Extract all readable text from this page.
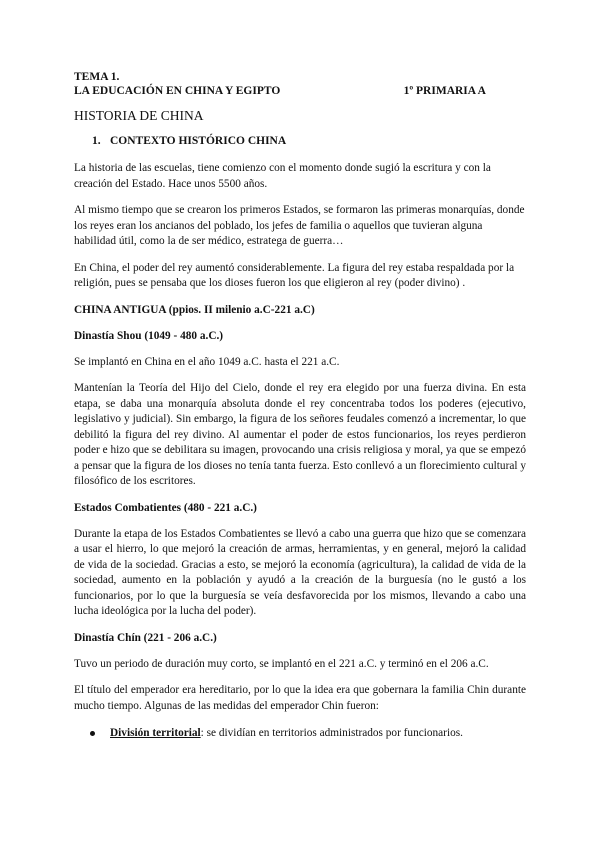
TEMA 1.
LA EDUCACIÓN EN CHINA Y EGIPTO	1º PRIMARIA A
HISTORIA DE CHINA
1. CONTEXTO HISTÓRICO CHINA

La historia de las escuelas, tiene comienzo con el momento donde sugió la escritura y con la creación del Estado. Hace unos 5500 años.

Al mismo tiempo que se crearon los primeros Estados, se formaron las primeras monarquías, donde los reyes eran los ancianos del poblado, los jefes de familia o aquellos que tuvieran alguna habilidad útil, como la de ser médico, estratega de guerra…

En China, el poder del rey aumentó considerablemente. La figura del rey estaba respaldada por la religión, pues se pensaba que los dioses fueron los que eligieron al rey (poder divino) .

CHINA ANTIGUA (ppios. II milenio a.C-221 a.C)
Dinastía Shou (1049 - 480 a.C.)

Se implantó en China en el año 1049 a.C. hasta el 221 a.C.

Mantenían la Teoría del Hijo del Cielo, donde el rey era elegido por una fuerza divina. En esta etapa, se daba una monarquía absoluta donde el rey concentraba todos los poderes (ejecutivo, legislativo y judicial). Sin embargo, la figura de los señores feudales comenzó a incrementar, lo que debilitó la figura del rey divino. Al aumentar el poder de estos funcionarios, los reyes perdieron poder e hizo que se debilitara su imagen, provocando una crisis religiosa y moral, ya que se empezó a pensar que la figura de los dioses no tenía tanta fuerza. Esto conllevó a un florecimiento cultural y filosófico de los escritores.

Estados Combatientes (480 - 221 a.C.)

Durante la etapa de los Estados Combatientes se llevó a cabo una guerra que hizo que se comenzara a usar el hierro, lo que mejoró la creación de armas, herramientas, y en general, mejoró la calidad de vida de la sociedad. Gracias a esto, se mejoró la economía (agricultura), la calidad de vida de la sociedad, aumento en la población y ayudó a la creación de la burguesía (no le gustó a los funcionarios, por lo que la burguesía se veía desfavorecida por los mismos, llevando a cabo una lucha ideológica por la lucha del poder).

Dinastía Chín (221 - 206 a.C.)

Tuvo un periodo de duración muy corto, se implantó en el 221 a.C. y terminó en el 206 a.C.

El título del emperador era hereditario, por lo que la idea era que gobernara la familia Chin durante mucho tiempo. Algunas de las medidas del emperador Chin fueron:

División territorial: se dividían en territorios administrados por funcionarios.
